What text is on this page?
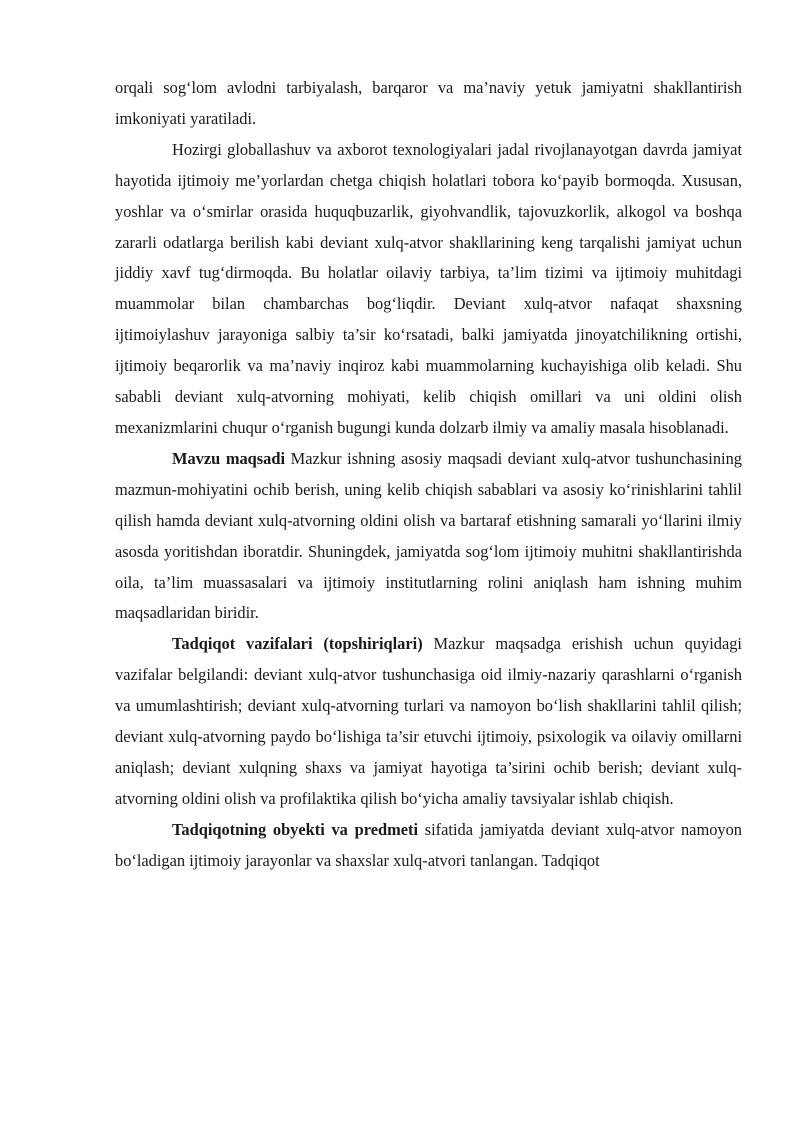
orqali sog‘lom avlodni tarbiyalash, barqaror va ma’naviy yetuk jamiyatni shakllantirish imkoniyati yaratiladi.

Hozirgi globallashuv va axborot texnologiyalari jadal rivojlanayotgan davrda jamiyat hayotida ijtimoiy me’yorlardan chetga chiqish holatlari tobora ko‘payib bormoqda. Xususan, yoshlar va o‘smirlar orasida huquqbuzarlik, giyohvandlik, tajovuzkorlik, alkogol va boshqa zararli odatlarga berilish kabi deviant xulq-atvor shakllarining keng tarqalishi jamiyat uchun jiddiy xavf tug‘dirmoqda. Bu holatlar oilaviy tarbiya, ta’lim tizimi va ijtimoiy muhitdagi muammolar bilan chambarchas bog‘liqdir. Deviant xulq-atvor nafaqat shaxsning ijtimoiylashuv jarayoniga salbiy ta’sir ko‘rsatadi, balki jamiyatda jinoyatchilikning ortishi, ijtimoiy beqarorlik va ma’naviy inqiroz kabi muammolarning kuchayishiga olib keladi. Shu sababli deviant xulq-atvorning mohiyati, kelib chiqish omillari va uni oldini olish mexanizmlarini chuqur o‘rganish bugungi kunda dolzarb ilmiy va amaliy masala hisoblanadi.

Mavzu maqsadi Mazkur ishning asosiy maqsadi deviant xulq-atvor tushunchasining mazmun-mohiyatini ochib berish, uning kelib chiqish sabablari va asosiy ko‘rinishlarini tahlil qilish hamda deviant xulq-atvorning oldini olish va bartaraf etishning samarali yo‘llarini ilmiy asosda yoritishdan iboratdir. Shuningdek, jamiyatda sog‘lom ijtimoiy muhitni shakllantirishda oila, ta’lim muassasalari va ijtimoiy institutlarning rolini aniqlash ham ishning muhim maqsadlaridan biridir.

Tadqiqot vazifalari (topshiriqlari) Mazkur maqsadga erishish uchun quyidagi vazifalar belgilandi: deviant xulq-atvor tushunchasiga oid ilmiy-nazariy qarashlarni o‘rganish va umumlashtirish; deviant xulq-atvorning turlari va namoyon bo‘lish shakllarini tahlil qilish; deviant xulq-atvorning paydo bo‘lishiga ta’sir etuvchi ijtimoiy, psixologik va oilaviy omillarni aniqlash; deviant xulqning shaxs va jamiyat hayotiga ta’sirini ochib berish; deviant xulq-atvorning oldini olish va profilaktika qilish bo‘yicha amaliy tavsiyalar ishlab chiqish.

Tadqiqotning obyekti va predmeti sifatida jamiyatda deviant xulq-atvor namoyon bo‘ladigan ijtimoiy jarayonlar va shaxslar xulq-atvori tanlangan. Tadqiqot
